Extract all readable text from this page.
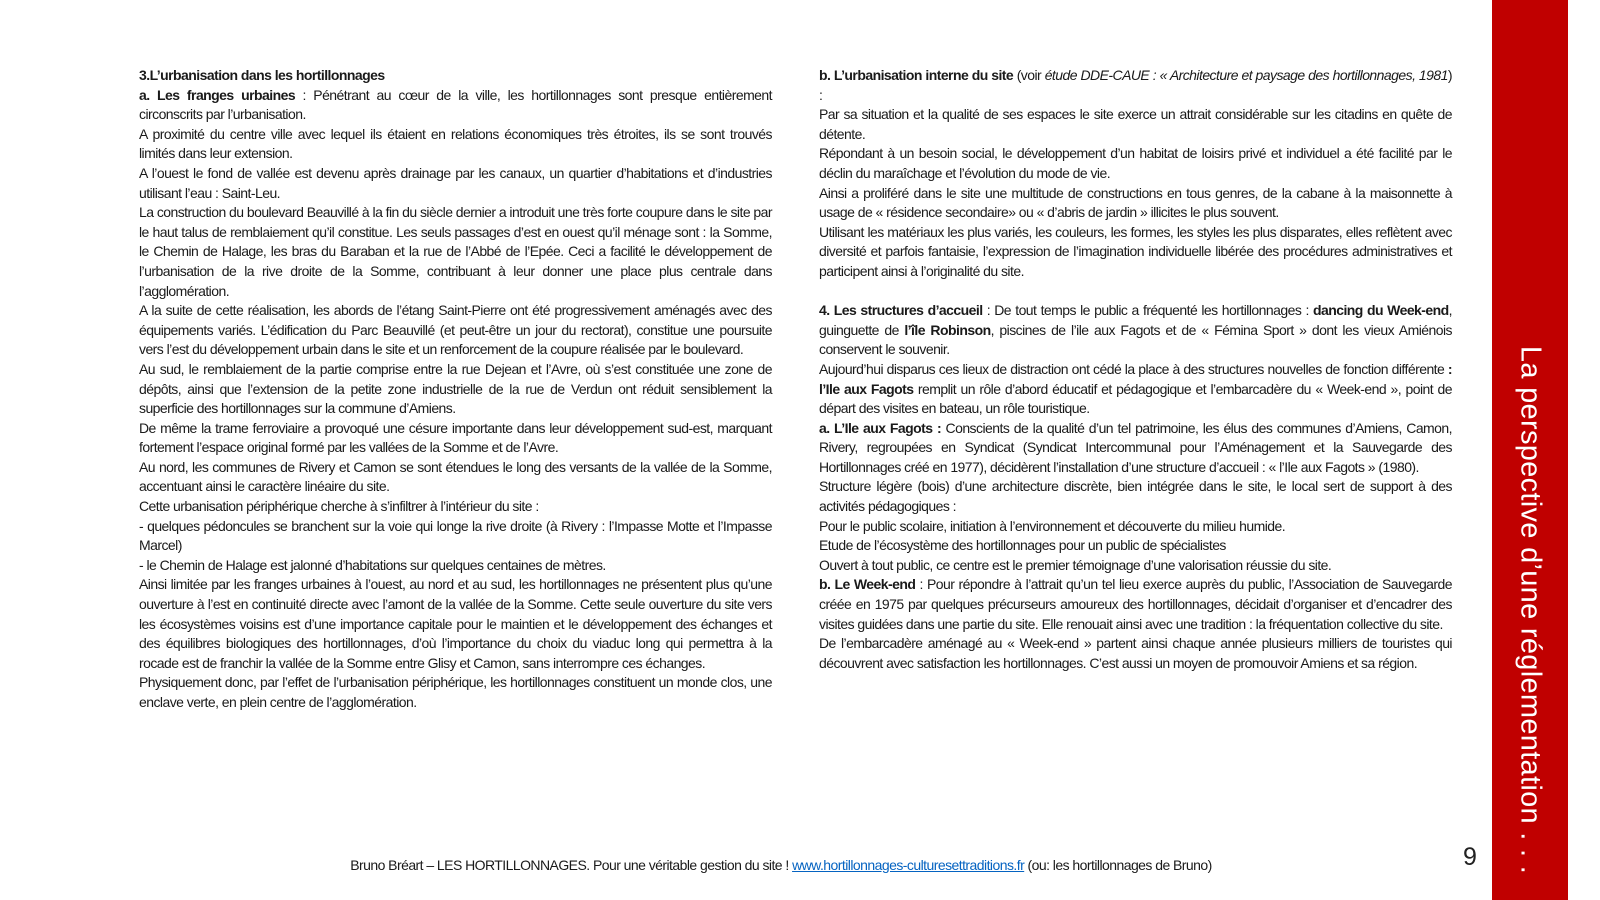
3.L’urbanisation dans les hortillonnages

a. Les franges urbaines : Pénétrant au cœur de la ville, les hortillonnages sont presque entièrement circonscrits par l’urbanisation.

A proximité du centre ville avec lequel ils étaient en relations économiques très étroites, ils se sont trouvés limités dans leur extension.

A l’ouest le fond de vallée est devenu après drainage par les canaux, un quartier d’habitations et d’industries utilisant l’eau : Saint-Leu.

La construction du boulevard Beauvillé à la fin du siècle dernier a introduit une très forte coupure dans le site par le haut talus de remblaiement qu’il constitue. Les seuls passages d’est en ouest qu’il ménage sont : la Somme, le Chemin de Halage, les bras du Baraban et la rue de l’Abbé de l’Epée. Ceci a facilité le développement de l’urbanisation de la rive droite de la Somme, contribuant à leur donner une place plus centrale dans l’agglomération.

A la suite de cette réalisation, les abords de l’étang Saint-Pierre ont été progressivement aménagés avec des équipements variés. L’édification du Parc Beauvillé (et peut-être un jour du rectorat), constitue une poursuite vers l’est du développement urbain dans le site et un renforcement de la coupure réalisée par le boulevard.

Au sud, le remblaiement de la partie comprise entre la rue Dejean et l’Avre, où s’est constituée une zone de dépôts, ainsi que l’extension de la petite zone industrielle de la rue de Verdun ont réduit sensiblement la superficie des hortillonnages sur la commune d’Amiens.

De même la trame ferroviaire a provoqué une césure importante dans leur développement sud-est, marquant fortement l’espace original formé par les vallées de la Somme et de l’Avre.

Au nord, les communes de Rivery et Camon se sont étendues le long des versants de la vallée de la Somme, accentuant ainsi le caractère linéaire du site.

Cette urbanisation périphérique cherche à s’infiltrer à l’intérieur du site :

- quelques pédoncules se branchent sur la voie qui longe la rive droite (à Rivery : l’Impasse Motte et l’Impasse Marcel)

- le Chemin de Halage est jalonné d’habitations sur quelques centaines de mètres.

Ainsi limitée par les franges urbaines à l’ouest, au nord et au sud, les hortillonnages ne présentent plus qu’une ouverture à l’est en continuité directe avec l’amont de la vallée de la Somme. Cette seule ouverture du site vers les écosystèmes voisins est d’une importance capitale pour le maintien et le développement des échanges et des équilibres biologiques des hortillonnages, d’où l’importance du choix du viaduc long qui permettra à la rocade est de franchir la vallée de la Somme entre Glisy et Camon, sans interrompre ces échanges.

Physiquement donc, par l’effet de l’urbanisation périphérique, les hortillonnages constituent un monde clos, une enclave verte, en plein centre de l’agglomération.

b. L’urbanisation interne du site (voir étude DDE-CAUE : « Architecture et paysage des hortillonnages, 1981) :

Par sa situation et la qualité de ses espaces le site exerce un attrait considérable sur les citadins en quête de détente.

Répondant à un besoin social, le développement d’un habitat de loisirs privé et individuel a été facilité par le déclin du maraîchage et l’évolution du mode de vie.

Ainsi a proliféré dans le site une multitude de constructions en tous genres, de la cabane à la maisonnette à usage de « résidence secondaire» ou « d’abris de jardin » illicites le plus souvent.

Utilisant les matériaux les plus variés, les couleurs, les formes, les styles les plus disparates, elles reflètent avec diversité et parfois fantaisie, l’expression de l’imagination individuelle libérée des procédures administratives et participent ainsi à l’originalité du site.

4. Les structures d’accueil : De tout temps le public a fréquenté les hortillonnages : dancing du Week-end, guinguette de l’île Robinson, piscines de l’ile aux Fagots et de « Fémina Sport » dont les vieux Amiénois conservent le souvenir.

Aujourd’hui disparus ces lieux de distraction ont cédé la place à des structures nouvelles de fonction différente : l’Ile aux Fagots remplit un rôle d’abord éducatif et pédagogique et l’embarcadère du « Week-end », point de départ des visites en bateau, un rôle touristique.

a. L’Ile aux Fagots : Conscients de la qualité d’un tel patrimoine, les élus des communes d’Amiens, Camon, Rivery, regroupées en Syndicat (Syndicat Intercommunal pour l’Aménagement et la Sauvegarde des Hortillonnages créé en 1977), décidèrent l’installation d’une structure d’accueil : « l’Ile aux Fagots » (1980).

Structure légère (bois) d’une architecture discrète, bien intégrée dans le site, le local sert de support à des activités pédagogiques :

Pour le public scolaire, initiation à l’environnement et découverte du milieu humide.

Etude de l’écosystème des hortillonnages pour un public de spécialistes

Ouvert à tout public, ce centre est le premier témoignage d’une valorisation réussie du site.

b. Le Week-end : Pour répondre à l’attrait qu’un tel lieu exerce auprès du public, l’Association de Sauvegarde créée en 1975 par quelques précurseurs amoureux des hortillonnages, décidait d’organiser et d’encadrer des visites guidées dans une partie du site. Elle renouait ainsi avec une tradition : la fréquentation collective du site.

De l’embarcadère aménagé au « Week-end » partent ainsi chaque année plusieurs milliers de touristes qui découvrent avec satisfaction les hortillonnages. C’est aussi un moyen de promouvoir Amiens et sa région.	La perspective d’une réglementation . . .
9
Bruno Bréart – LES HORTILLONNAGES. Pour une véritable gestion du site ! www.hortillonnages-culturesettraditions.fr (ou: les hortillonnages de Bruno)
